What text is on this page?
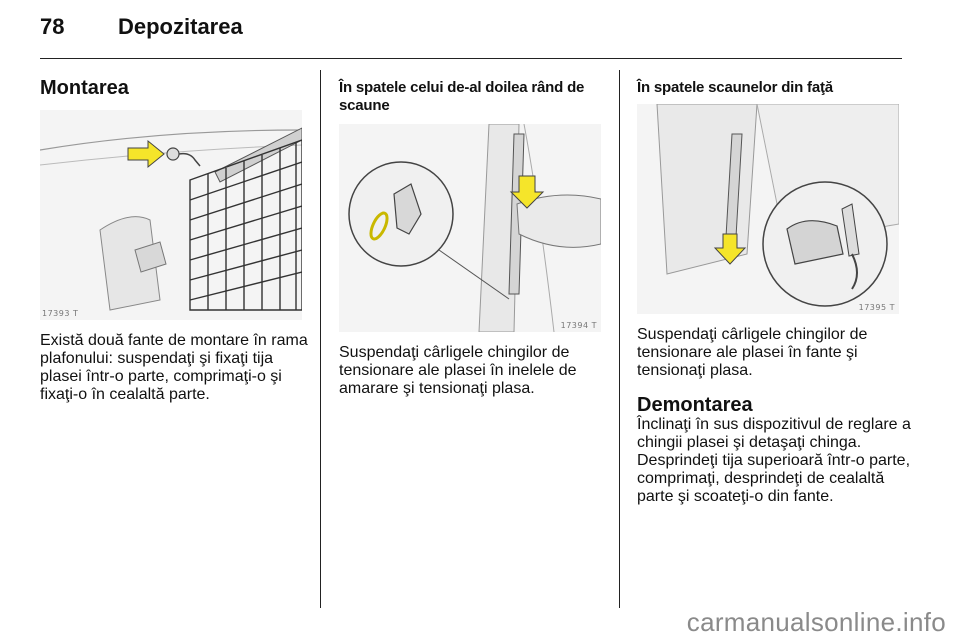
78 Depozitarea
Montarea
17393 T
Există două fante de montare în rama plafonului: suspendaţi şi fixaţi tija plasei într-o parte, comprimaţi-o şi fixaţi-o în cealaltă parte.
În spatele celui de-al doilea rând de scaune
17394 T
Suspendaţi cârligele chingilor de tensionare ale plasei în inelele de amarare şi tensionaţi plasa.
În spatele scaunelor din faţă
17395 T
Suspendaţi cârligele chingilor de tensionare ale plasei în fante şi tensionaţi plasa.
Demontarea
Înclinaţi în sus dispozitivul de reglare a chingii plasei şi detaşaţi chinga. Desprindeţi tija superioară într-o parte, comprimaţi, desprindeţi de cealaltă parte şi scoateţi-o din fante.
carmanualsonline.info
